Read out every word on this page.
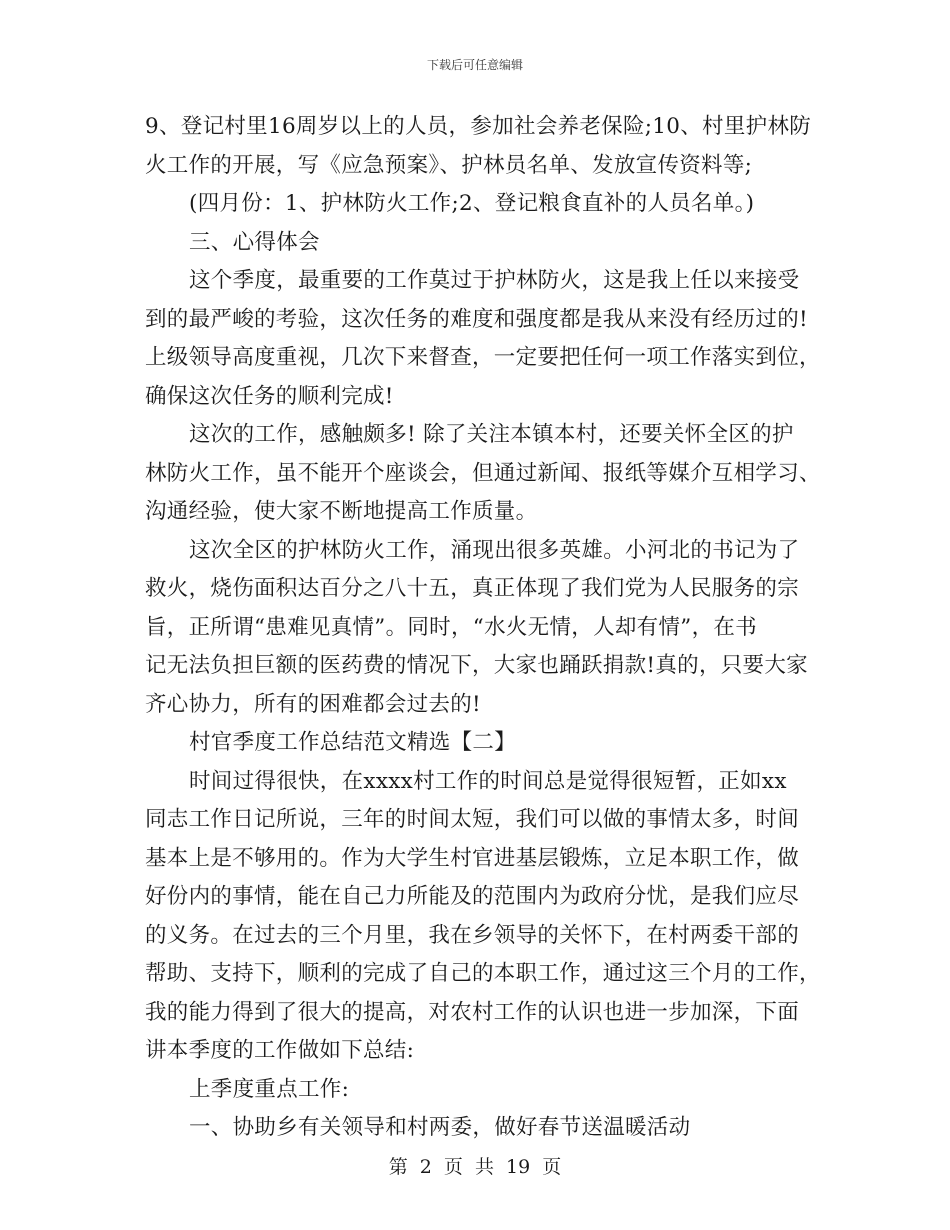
下载后可任意编辑
9、登记村里16周岁以上的人员，参加社会养老保险;10、村里护林防
火工作的开展，写《应急预案》、护林员名单、发放宣传资料等;
(四月份：1、护林防火工作;2、登记粮食直补的人员名单。)
三、心得体会
这个季度，最重要的工作莫过于护林防火，这是我上任以来接受
到的最严峻的考验，这次任务的难度和强度都是我从来没有经历过的!
上级领导高度重视，几次下来督查，一定要把任何一项工作落实到位，
确保这次任务的顺利完成!
这次的工作，感触颇多! 除了关注本镇本村，还要关怀全区的护
林防火工作，虽不能开个座谈会，但通过新闻、报纸等媒介互相学习、
沟通经验，使大家不断地提高工作质量。
这次全区的护林防火工作，涌现出很多英雄。小河北的书记为了
救火，烧伤面积达百分之八十五，真正体现了我们党为人民服务的宗
旨，正所谓“患难见真情”。同时，“水火无情，人却有情”，在书
记无法负担巨额的医药费的情况下，大家也踊跃捐款!真的，只要大家
齐心协力，所有的困难都会过去的!
村官季度工作总结范文精选【二】
时间过得很快，在xxxx村工作的时间总是觉得很短暂，正如xx
同志工作日记所说，三年的时间太短，我们可以做的事情太多，时间
基本上是不够用的。作为大学生村官进基层锻炼，立足本职工作，做
好份内的事情，能在自己力所能及的范围内为政府分忧，是我们应尽
的义务。在过去的三个月里，我在乡领导的关怀下，在村两委干部的
帮助、支持下，顺利的完成了自己的本职工作，通过这三个月的工作，
我的能力得到了很大的提高，对农村工作的认识也进一步加深，下面
讲本季度的工作做如下总结:
上季度重点工作:
一、协助乡有关领导和村两委，做好春节送温暖活动
第 2 页 共 19 页
